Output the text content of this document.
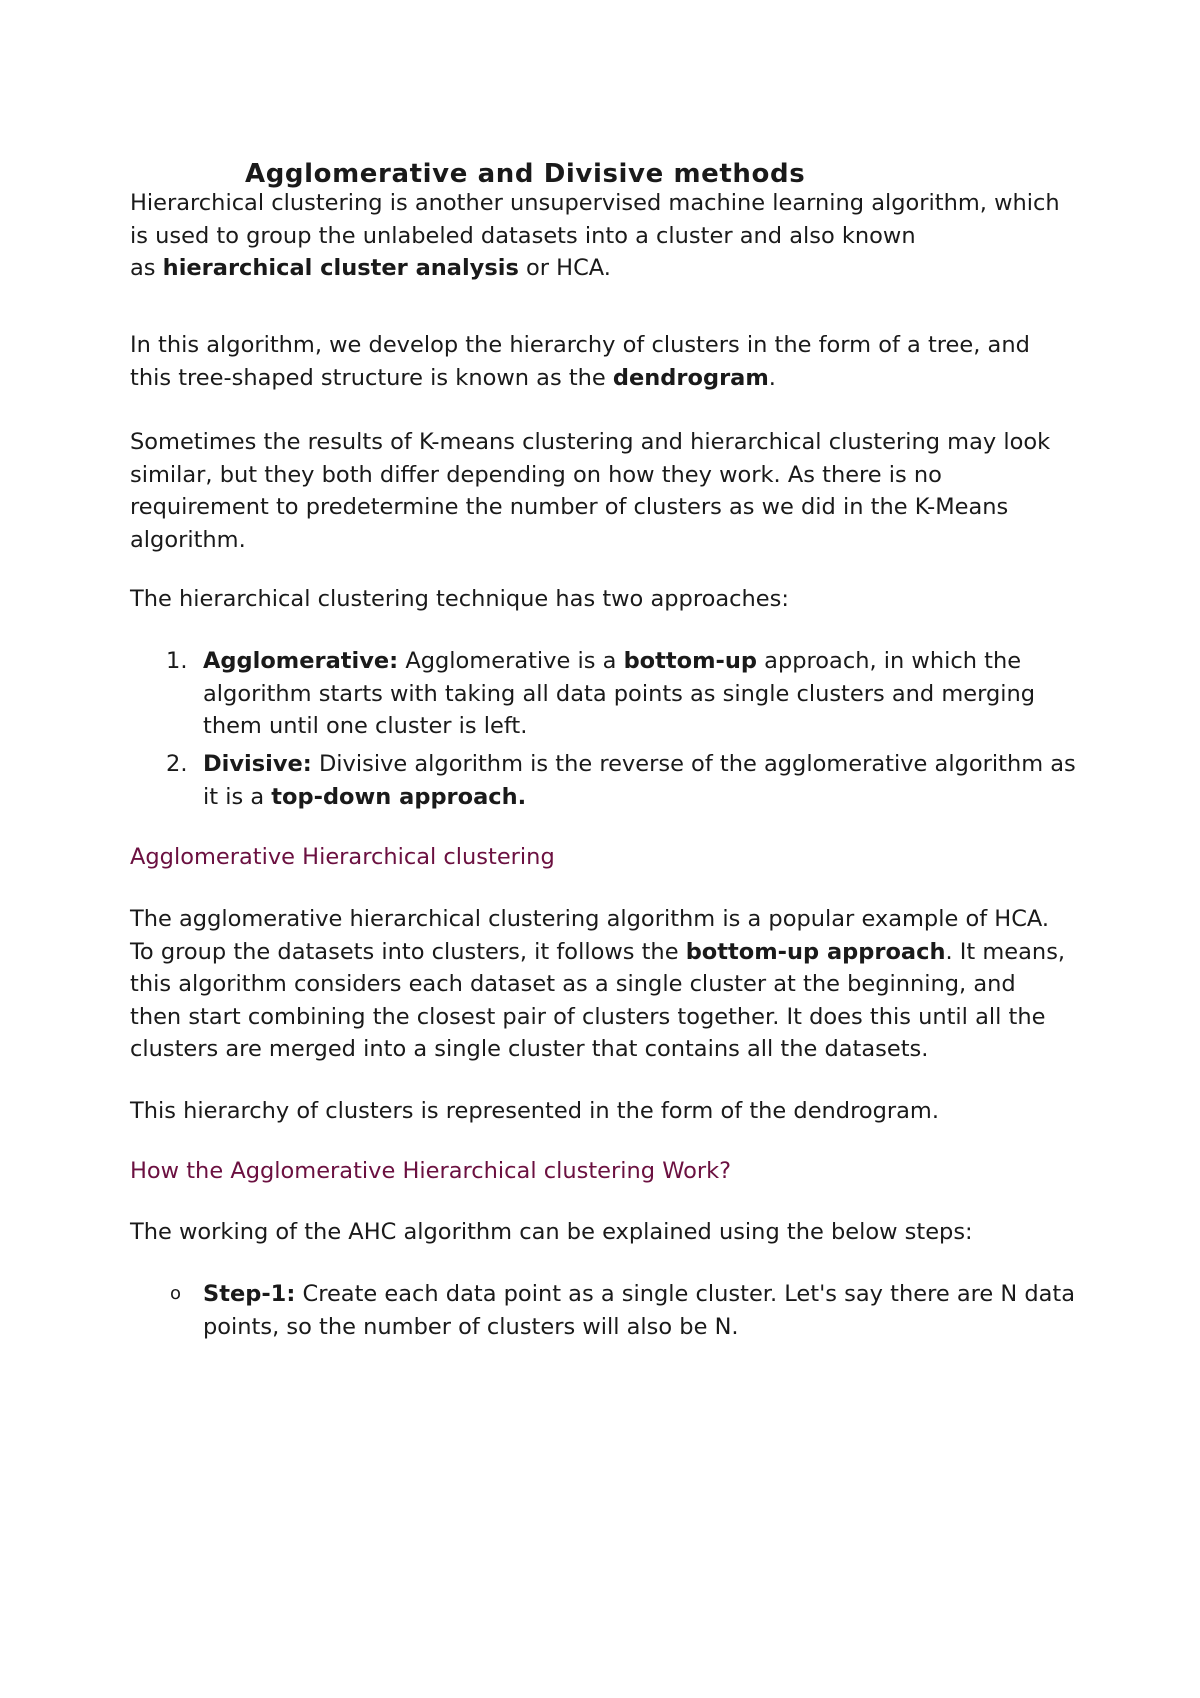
Agglomerative and Divisive methods
Hierarchical clustering is another unsupervised machine learning algorithm, which
is used to group the unlabeled datasets into a cluster and also known
as hierarchical cluster analysis or HCA.
In this algorithm, we develop the hierarchy of clusters in the form of a tree, and
this tree-shaped structure is known as the dendrogram.
Sometimes the results of K-means clustering and hierarchical clustering may look
similar, but they both differ depending on how they work. As there is no
requirement to predetermine the number of clusters as we did in the K-Means
algorithm.
The hierarchical clustering technique has two approaches:
1. Agglomerative: Agglomerative is a bottom-up approach, in which the
algorithm starts with taking all data points as single clusters and merging
them until one cluster is left.
2. Divisive: Divisive algorithm is the reverse of the agglomerative algorithm as
it is a top-down approach.
Agglomerative Hierarchical clustering
The agglomerative hierarchical clustering algorithm is a popular example of HCA.
To group the datasets into clusters, it follows the bottom-up approach. It means,
this algorithm considers each dataset as a single cluster at the beginning, and
then start combining the closest pair of clusters together. It does this until all the
clusters are merged into a single cluster that contains all the datasets.
This hierarchy of clusters is represented in the form of the dendrogram.
How the Agglomerative Hierarchical clustering Work?
The working of the AHC algorithm can be explained using the below steps:
o Step-1: Create each data point as a single cluster. Let's say there are N data
points, so the number of clusters will also be N.
